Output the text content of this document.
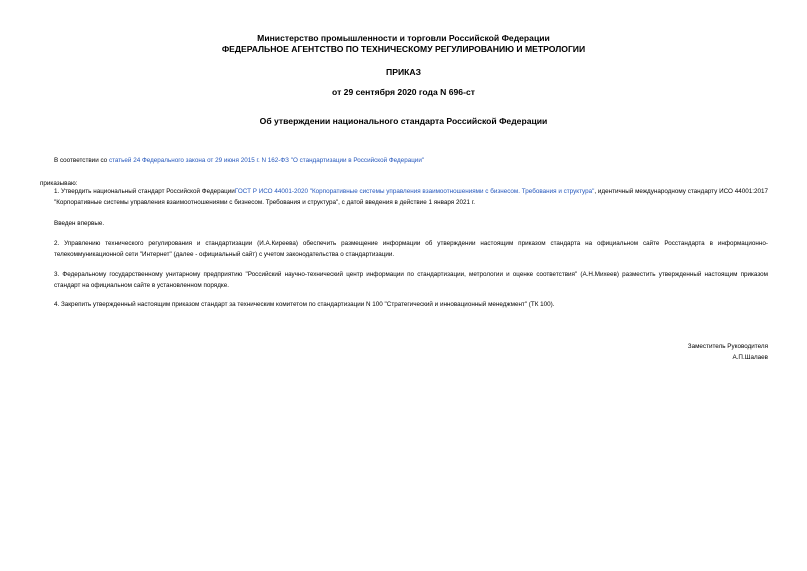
Министерство промышленности и торговли Российской Федерации
ФЕДЕРАЛЬНОЕ АГЕНТСТВО ПО ТЕХНИЧЕСКОМУ РЕГУЛИРОВАНИЮ И МЕТРОЛОГИИ
ПРИКАЗ
от 29 сентября 2020 года N 696-ст
Об утверждении национального стандарта Российской Федерации
В соответствии со статьей 24 Федерального закона от 29 июня 2015 г. N 162-ФЗ "О стандартизации в Российской Федерации"
приказываю:
1. Утвердить национальный стандарт Российской ФедерацииГОСТ Р ИСО 44001-2020 "Корпоративные системы управления взаимоотношениями с бизнесом. Требования и структура", идентичный международному стандарту ИСО 44001:2017 "Корпоративные системы управления взаимоотношениями с бизнесом. Требования и структура", с датой введения в действие 1 января 2021 г.
Введен впервые.
2. Управлению технического регулирования и стандартизации (И.А.Киреева) обеспечить размещение информации об утверждении настоящим приказом стандарта на официальном сайте Росстандарта в информационно-телекоммуникационной сети "Интернет" (далее - официальный сайт) с учетом законодательства о стандартизации.
3. Федеральному государственному унитарному предприятию "Российский научно-технический центр информации по стандартизации, метрологии и оценке соответствия" (А.Н.Михеев) разместить утвержденный настоящим приказом стандарт на официальном сайте в установленном порядке.
4. Закрепить утвержденный настоящим приказом стандарт за техническим комитетом по стандартизации N 100 "Стратегический и инновационный менеджмент" (ТК 100).
Заместитель Руководителя
А.П.Шалаев
